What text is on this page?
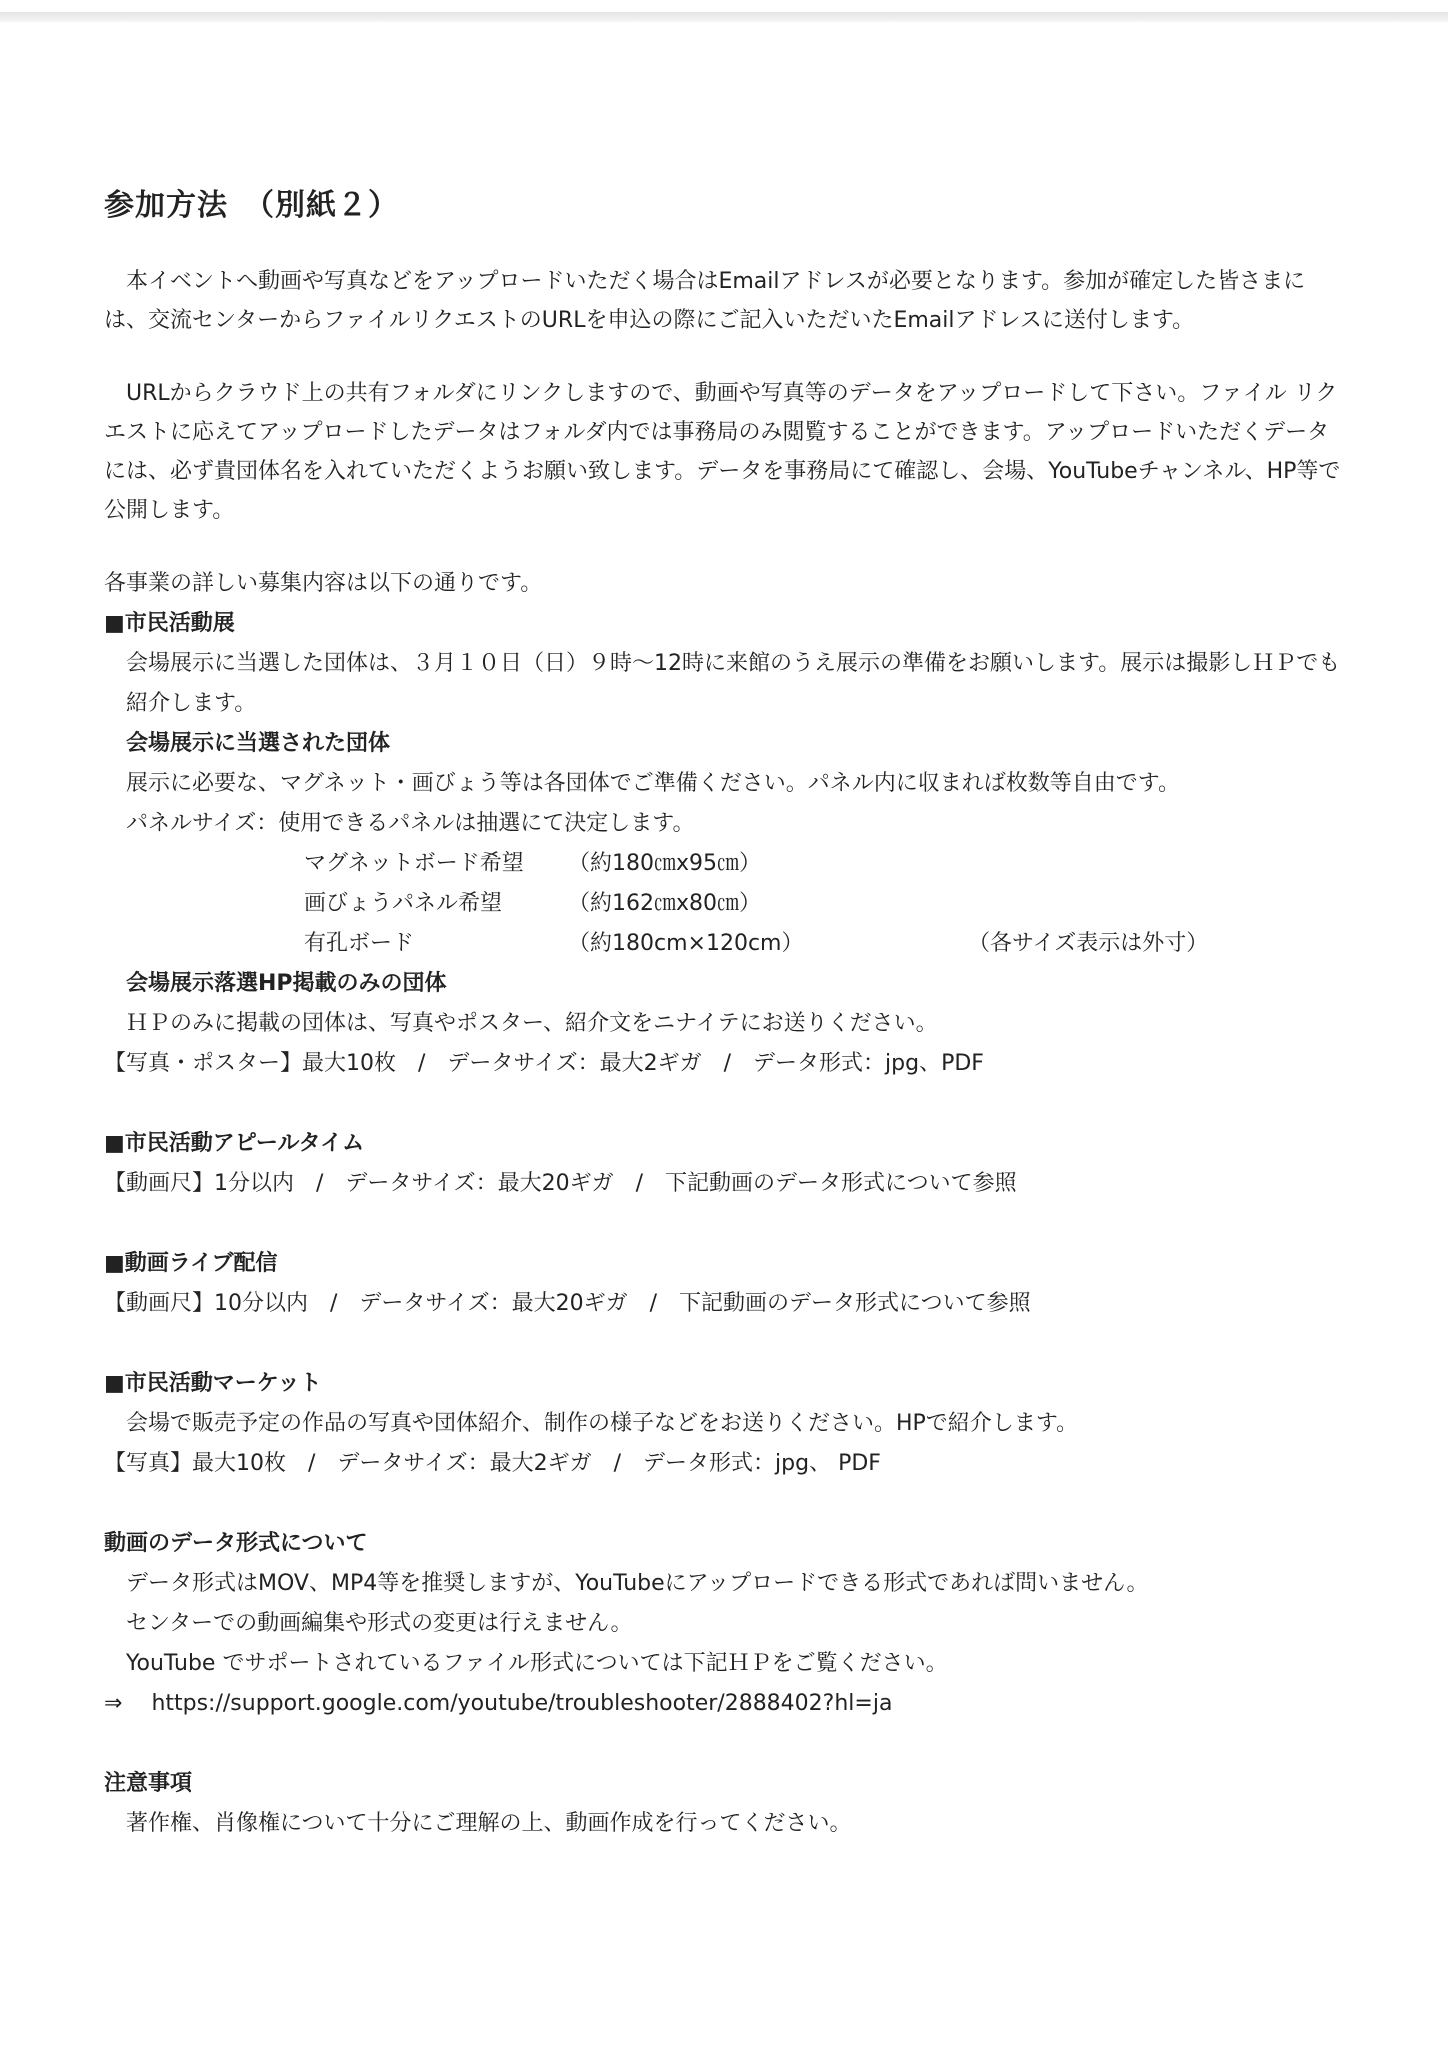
参加方法　（別紙２）

本イベントへ動画や写真などをアップロードいただく場合はEmailアドレスが必要となります。参加が確定した皆さまには、交流センターからファイルリクエストのURLを申込の際にご記入いただいたEmailアドレスに送付します。

URLからクラウド上の共有フォルダにリンクしますので、動画や写真等のデータをアップロードして下さい。ファイル リクエストに応えてアップロードしたデータはフォルダ内では事務局のみ閲覧することができます。アップロードいただくデータには、必ず貴団体名を入れていただくようお願い致します。データを事務局にて確認し、会場、YouTubeチャンネル、HP等で公開します。

各事業の詳しい募集内容は以下の通りです。

■市民活動展

会場展示に当選した団体は、３月１０日（日）９時～12時に来館のうえ展示の準備をお願いします。展示は撮影しＨＰでも紹介します。

会場展示に当選された団体

展示に必要な、マグネット・画びょう等は各団体でご準備ください。パネル内に収まれば枚数等自由です。

パネルサイズ：使用できるパネルは抽選にて決定します。
マグネットボード希望	（約180㎝x95㎝）
画びょうパネル希望	（約162㎝x80㎝）
有孔ボード	（約180cm×120cm）	（各サイズ表示は外寸）
会場展示落選HP掲載のみの団体

ＨＰのみに掲載の団体は、写真やポスター、紹介文をニナイテにお送りください。

【写真・ポスター】最大10枚　/　データサイズ：最大2ギガ　/　データ形式：jpg、PDF

■市民活動アピールタイム

【動画尺】1分以内　/　データサイズ：最大20ギガ　/　下記動画のデータ形式について参照

■動画ライブ配信

【動画尺】10分以内　/　データサイズ：最大20ギガ　/　下記動画のデータ形式について参照

■市民活動マーケット

会場で販売予定の作品の写真や団体紹介、制作の様子などをお送りください。HPで紹介します。

【写真】最大10枚　/　データサイズ：最大2ギガ　/　データ形式：jpg、 PDF

動画のデータ形式について

データ形式はMOV、MP4等を推奨しますが、YouTubeにアップロードできる形式であれば問いません。

センターでの動画編集や形式の変更は行えません。

YouTube でサポートされているファイル形式については下記ＨＰをご覧ください。

⇒ https://support.google.com/youtube/troubleshooter/2888402?hl=ja
注意事項

著作権、肖像権について十分にご理解の上、動画作成を行ってください。
